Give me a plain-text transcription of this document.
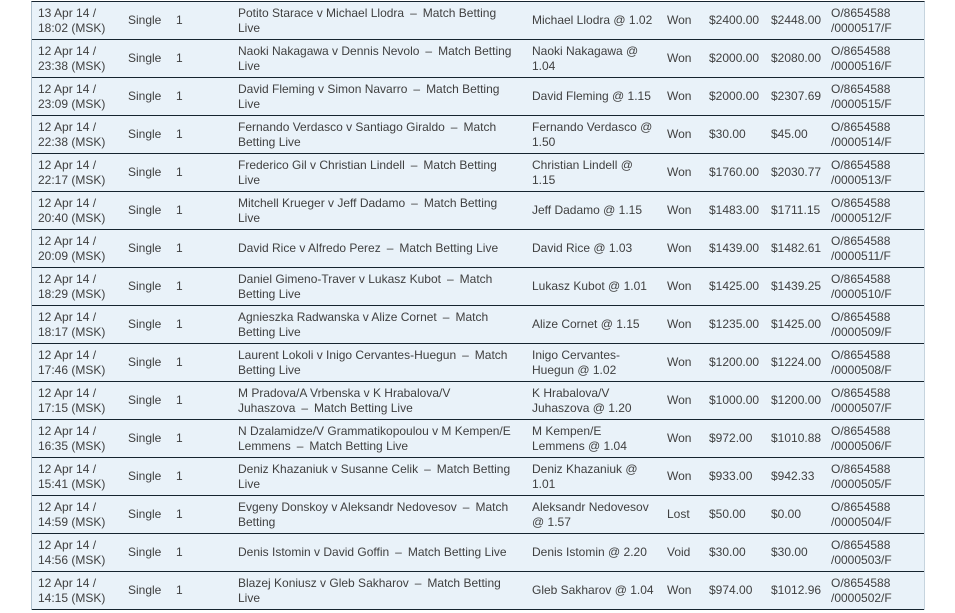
13 Apr 14 /
18:02 (MSK)
Single	1
Potito Starace v Michael Llodra – Match Betting Live
Michael Llodra @ 1.02	Won	$2400.00 $2448.00
O/8654588
/0000517/F
12 Apr 14 /
23:38 (MSK)
Single	1
Naoki Nakagawa v Dennis Nevolo – Match Betting Live
Naoki Nakagawa @ 1.04
Won	$2000.00 $2080.00
O/8654588
/0000516/F
12 Apr 14 /
23:09 (MSK)
Single	1
David Fleming v Simon Navarro – Match Betting Live
David Fleming @ 1.15	Won	$2000.00 $2307.69
O/8654588
/0000515/F
12 Apr 14 /
22:38 (MSK)
Single	1
Fernando Verdasco v Santiago Giraldo – Match Betting Live
Fernando Verdasco @ 1.50
Won	$30.00	$45.00
O/8654588
/0000514/F
12 Apr 14 /
22:17 (MSK)
Single	1
Frederico Gil v Christian Lindell – Match Betting Live
Christian Lindell @ 1.15
Won	$1760.00 $2030.77
O/8654588
/0000513/F
12 Apr 14 /
20:40 (MSK)
Single	1
Mitchell Krueger v Jeff Dadamo – Match Betting Live
Jeff Dadamo @ 1.15	Won	$1483.00 $1711.15
O/8654588
/0000512/F
12 Apr 14 /
20:09 (MSK)
Single	1	David Rice v Alfredo Perez – Match Betting Live	David Rice @ 1.03	Won	$1439.00 $1482.61
O/8654588
/0000511/F
12 Apr 14 /
18:29 (MSK)
Single	1
Daniel Gimeno-Traver v Lukasz Kubot – Match Betting Live
Lukasz Kubot @ 1.01	Won	$1425.00 $1439.25
O/8654588
/0000510/F
12 Apr 14 /
18:17 (MSK)
Single	1
Agnieszka Radwanska v Alize Cornet – Match Betting Live
Alize Cornet @ 1.15	Won	$1235.00 $1425.00
O/8654588
/0000509/F
12 Apr 14 /
17:46 (MSK)
Single	1
Laurent Lokoli v Inigo Cervantes-Huegun – Match Betting Live
Inigo Cervantes-Huegun @ 1.02
Won	$1200.00 $1224.00
O/8654588
/0000508/F
12 Apr 14 /
17:15 (MSK)
Single	1
M Pradova/A Vrbenska v K Hrabalova/V Juhaszova – Match Betting Live
K Hrabalova/V Juhaszova @ 1.20
Won	$1000.00 $1200.00
O/8654588
/0000507/F
12 Apr 14 /
16:35 (MSK)
Single	1
N Dzalamidze/V Grammatikopoulou v M Kempen/E Lemmens – Match Betting Live
M Kempen/E Lemmens @ 1.04
Won	$972.00	$1010.88
O/8654588
/0000506/F
12 Apr 14 /
15:41 (MSK)
Single	1
Deniz Khazaniuk v Susanne Celik – Match Betting Live
Deniz Khazaniuk @ 1.01
Won	$933.00	$942.33
O/8654588
/0000505/F
12 Apr 14 /
14:59 (MSK)
Single	1
Evgeny Donskoy v Aleksandr Nedovesov – Match Betting
Aleksandr Nedovesov @ 1.57
Lost	$50.00	$0.00
O/8654588
/0000504/F
12 Apr 14 /
14:56 (MSK)
Single	1	Denis Istomin v David Goffin – Match Betting Live	Denis Istomin @ 2.20	Void	$30.00	$30.00
O/8654588
/0000503/F
12 Apr 14 /
14:15 (MSK)
Single	1
Blazej Koniusz v Gleb Sakharov – Match Betting Live
Gleb Sakharov @ 1.04	Won	$974.00	$1012.96
O/8654588
/0000502/F
